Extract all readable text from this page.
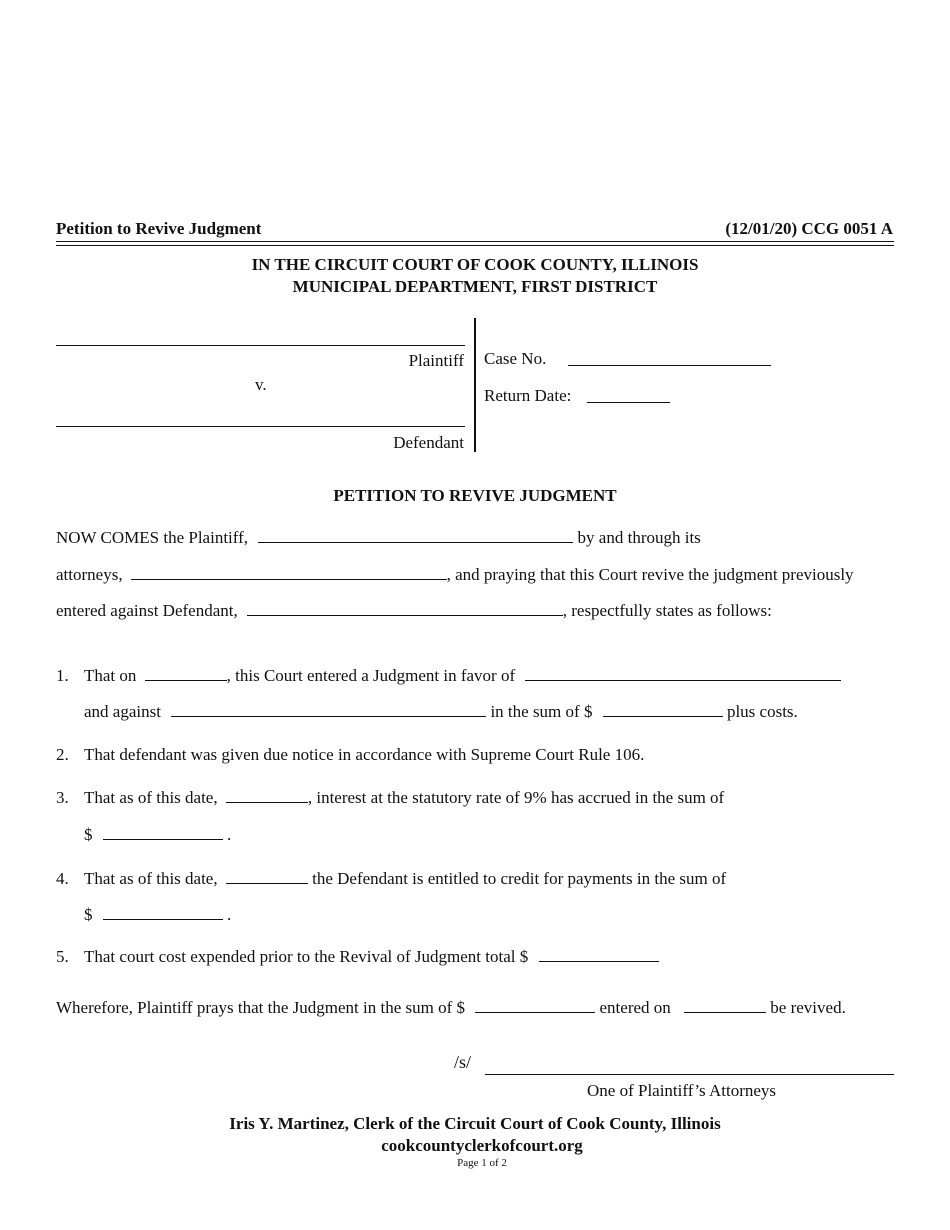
Petition to Revive Judgment	(12/01/20) CCG 0051 A
IN THE CIRCUIT COURT OF COOK COUNTY, ILLINOIS
MUNICIPAL DEPARTMENT, FIRST DISTRICT
Plaintiff
v.
Defendant
Case No.
Return Date:
PETITION TO REVIVE JUDGMENT
NOW COMES the Plaintiff,	by and through its
attorneys,	, and praying that this Court revive the judgment previously
entered against Defendant,	, respectfully states as follows:
1. That on	, this Court entered a Judgment in favor of
and against	in the sum of $	plus costs.
2. That defendant was given due notice in accordance with Supreme Court Rule 106.
3. That as of this date,	, interest at the statutory rate of 9% has accrued in the sum of
$	.
4. That as of this date,	the Defendant is entitled to credit for payments in the sum of
$	.
5. That court cost expended prior to the Revival of Judgment total $
Wherefore, Plaintiff prays that the Judgment in the sum of $	entered on	be revived.
/s/
One of Plaintiff’s Attorneys
Iris Y. Martinez, Clerk of the Circuit Court of Cook County, Illinois
cookcountyclerkofcourt.org
Page 1 of 2
